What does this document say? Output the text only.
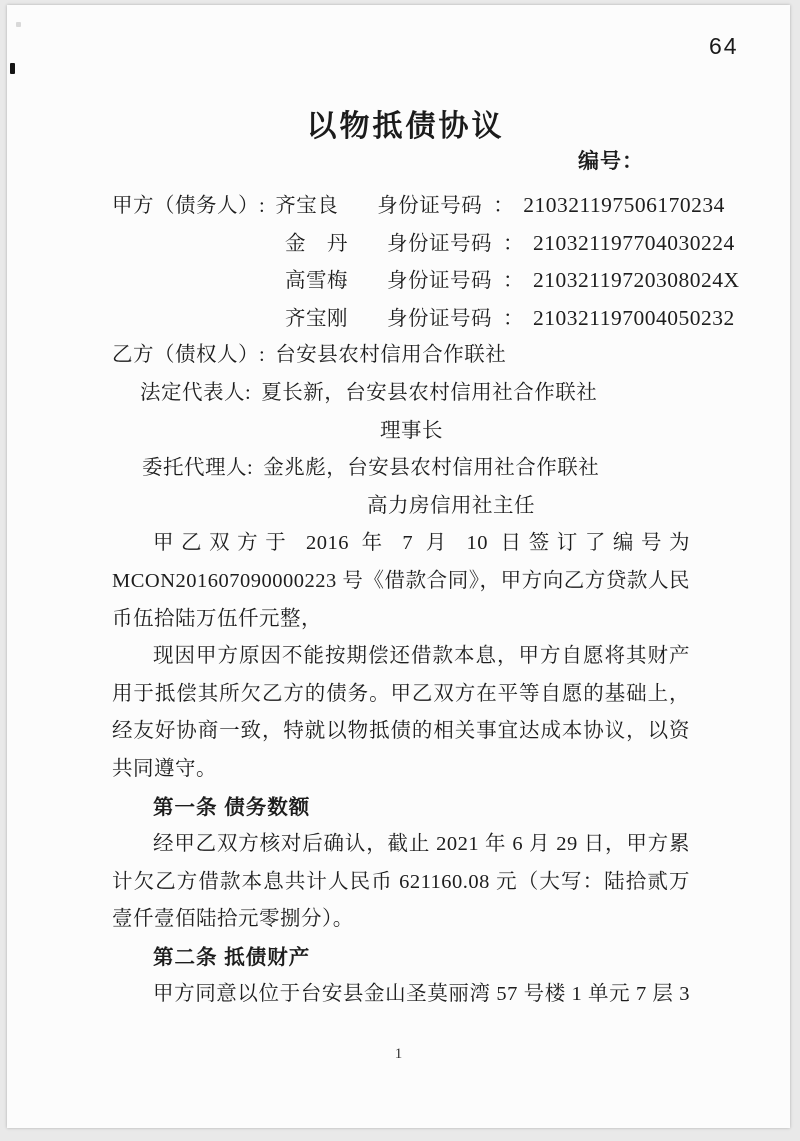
64
以物抵债协议
编号：
甲方（债务人）: 齐宝良 身份证号码 ： 210321197506170234
金　丹 身份证号码 ： 210321197704030224
高雪梅 身份证号码 ： 21032119720308024X
齐宝刚 身份证号码 ： 210321197004050232
乙方（债权人）: 台安县农村信用合作联社
法定代表人: 夏长新，台安县农村信用社合作联社
理事长
委托代理人: 金兆彪，台安县农村信用社合作联社
高力房信用社主任
甲乙双方于 2016 年 7 月 10 日签订了编号为
MCON201607090000223 号《借款合同》，甲方向乙方贷款人民
币伍拾陆万伍仟元整，
现因甲方原因不能按期偿还借款本息，甲方自愿将其财产
用于抵偿其所欠乙方的债务。甲乙双方在平等自愿的基础上，
经友好协商一致，特就以物抵债的相关事宜达成本协议，以资
共同遵守。
第一条 债务数额
经甲乙双方核对后确认，截止 2021 年 6 月 29 日，甲方累
计欠乙方借款本息共计人民币 621160.08 元（大写：陆拾贰万
壹仟壹佰陆拾元零捌分）。
第二条 抵债财产
甲方同意以位于台安县金山圣莫丽湾 57 号楼 1 单元 7 层 3
1
